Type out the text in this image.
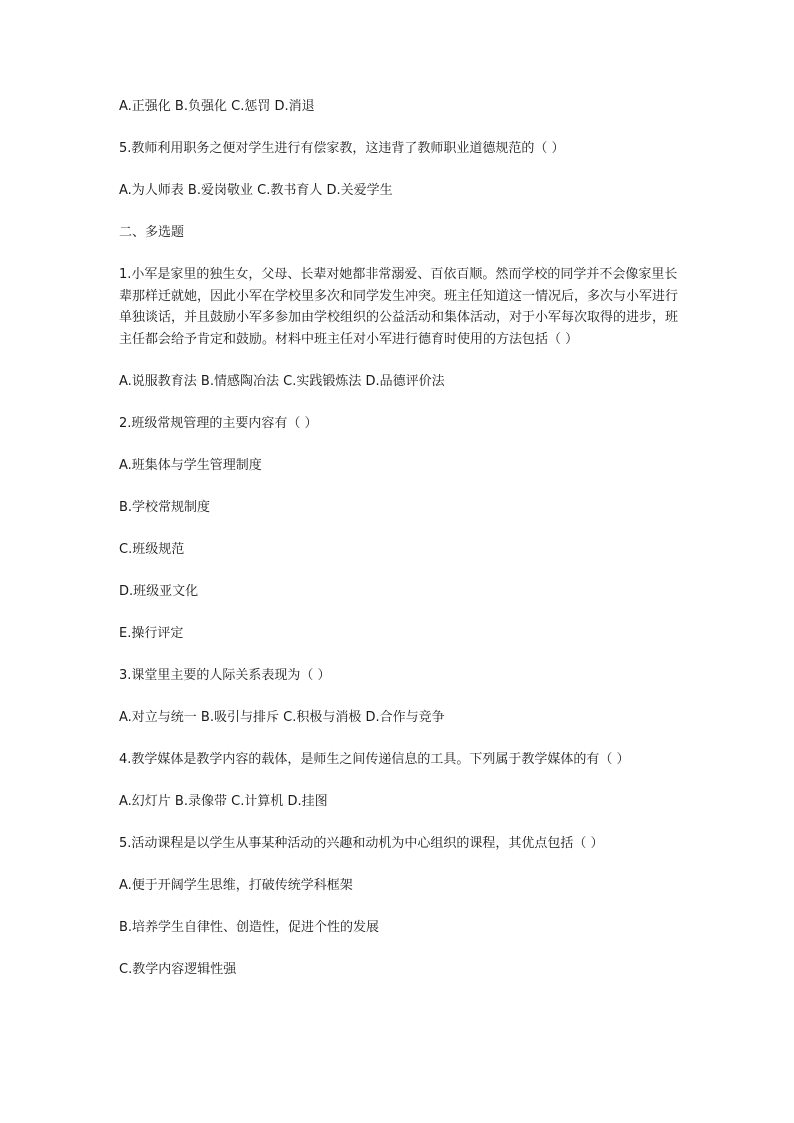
A.正强化 B.负强化 C.惩罚 D.消退

5.教师利用职务之便对学生进行有偿家教，这违背了教师职业道德规范的（ ）

A.为人师表 B.爱岗敬业 C.教书育人 D.关爱学生

二、多选题

1.小军是家里的独生女，父母、长辈对她都非常溺爱、百依百顺。然而学校的同学并不会像家里长辈那样迁就她，因此小军在学校里多次和同学发生冲突。班主任知道这一情况后，多次与小军进行单独谈话，并且鼓励小军多参加由学校组织的公益活动和集体活动，对于小军每次取得的进步，班主任都会给予肯定和鼓励。材料中班主任对小军进行德育时使用的方法包括（ ）

A.说服教育法 B.情感陶冶法 C.实践锻炼法 D.品德评价法

2.班级常规管理的主要内容有（ ）

A.班集体与学生管理制度

B.学校常规制度

C.班级规范

D.班级亚文化

E.操行评定

3.课堂里主要的人际关系表现为（ ）

A.对立与统一 B.吸引与排斥 C.积极与消极 D.合作与竞争

4.教学媒体是教学内容的载体，是师生之间传递信息的工具。下列属于教学媒体的有（ ）

A.幻灯片 B.录像带 C.计算机 D.挂图

5.活动课程是以学生从事某种活动的兴趣和动机为中心组织的课程，其优点包括（ ）

A.便于开阔学生思维，打破传统学科框架

B.培养学生自律性、创造性，促进个性的发展

C.教学内容逻辑性强
